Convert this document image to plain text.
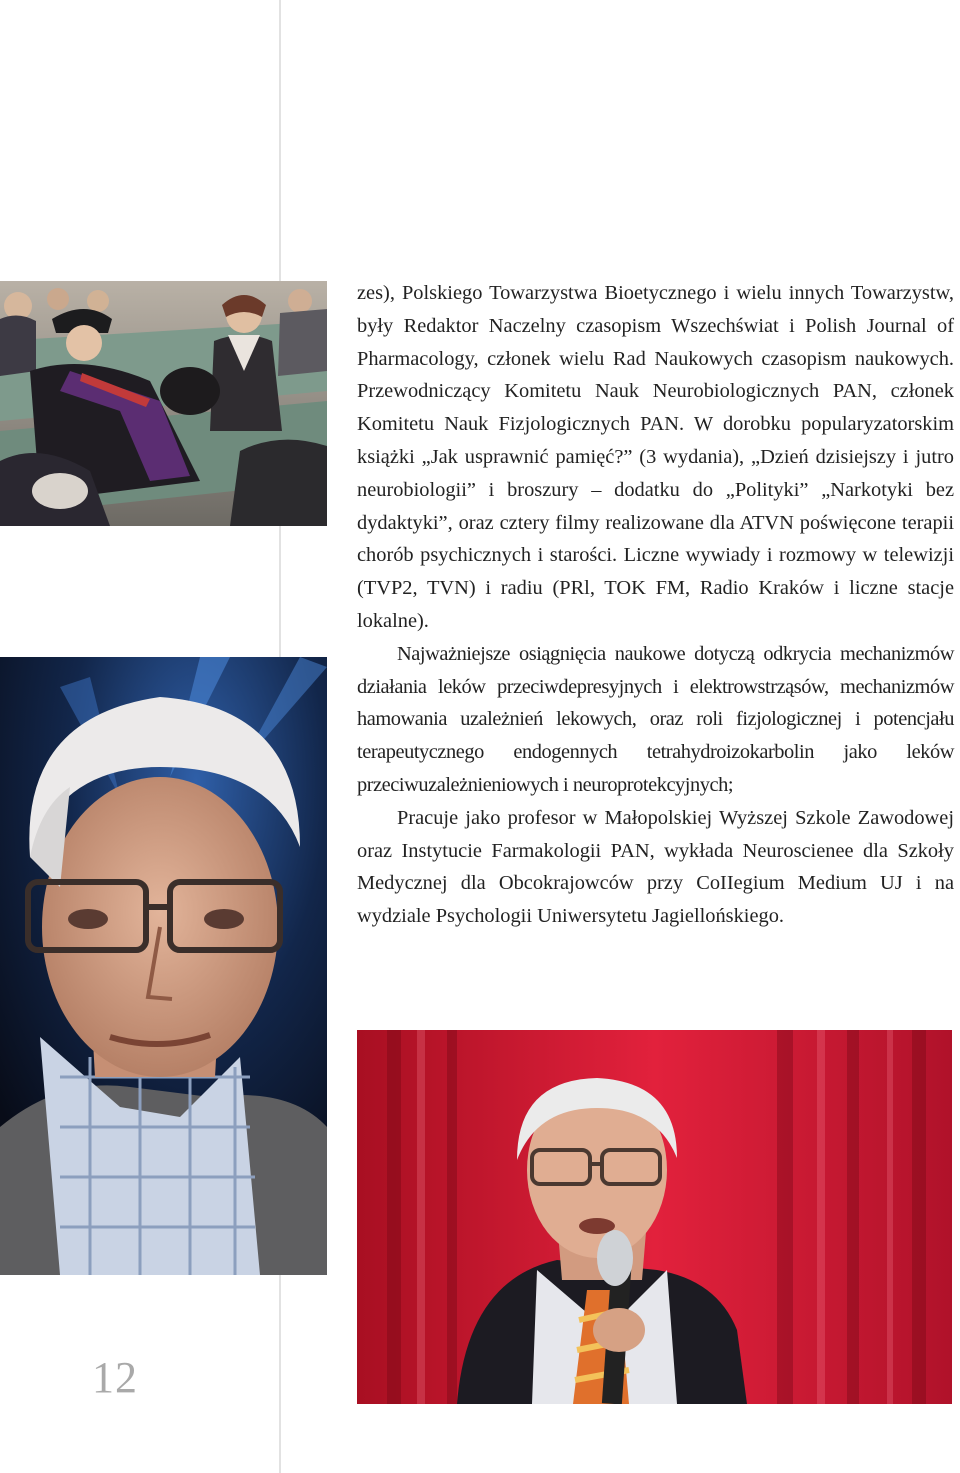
zes), Polskiego Towarzystwa Bioetycznego i wielu innych Towarzystw, były Redaktor Naczelny czasopism Wszechświat i Polish Journal of Pharmacology, członek wielu Rad Naukowych czasopism naukowych. Przewodniczący Komitetu Nauk Neurobiologicznych PAN, członek Komitetu Nauk Fizjologicznych PAN. W dorobku popularyzatorskim książki „Jak usprawnić pamięć?” (3 wydania), „Dzień dzisiejszy i jutro neurobiologii” i broszury – dodatku do „Polityki” „Narkotyki bez dydaktyki”, oraz cztery filmy realizowane dla ATVN poświęcone terapii chorób psychicznych i starości. Liczne wywiady i rozmowy w telewizji (TVP2, TVN) i radiu (PRl, TOK FM, Radio Kraków i liczne stacje lokalne).

Najważniejsze osiągnięcia naukowe dotyczą odkrycia mechanizmów działania leków przeciwdepresyjnych i elektrowstrząsów, mechanizmów hamowania uzależnień lekowych, oraz roli fizjologicznej i potencjału terapeutycznego endogennych tetrahydroizokarbolin jako leków przeciwuzależnieniowych i neuroprotekcyjnych;

Pracuje jako profesor w Małopolskiej Wyższej Szkole Zawodowej oraz Instytucie Farmakologii PAN, wykłada Neuroscienee dla Szkoły Medycznej dla Obcokrajowców przy CoIIegium Medium UJ i na wydziale Psychologii Uniwersytetu Jagiellońskiego.

12
